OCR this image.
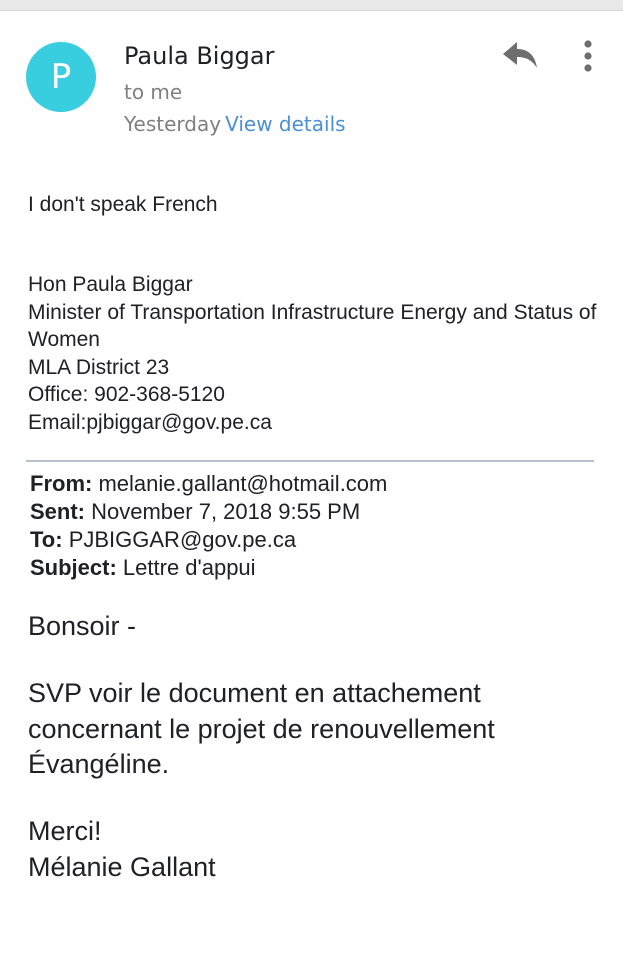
P
Paula Biggar
to me
Yesterday View details
I don't speak French
Hon Paula Biggar
Minister of Transportation Infrastructure Energy and Status of Women
MLA District 23
Office: 902-368-5120
Email:pjbiggar@gov.pe.ca
From: melanie.gallant@hotmail.com
Sent: November 7, 2018 9:55 PM
To: PJBIGGAR@gov.pe.ca
Subject: Lettre d'appui
Bonsoir -
SVP voir le document en attachement concernant le projet de renouvellement Évangéline.
Merci!
Mélanie Gallant
